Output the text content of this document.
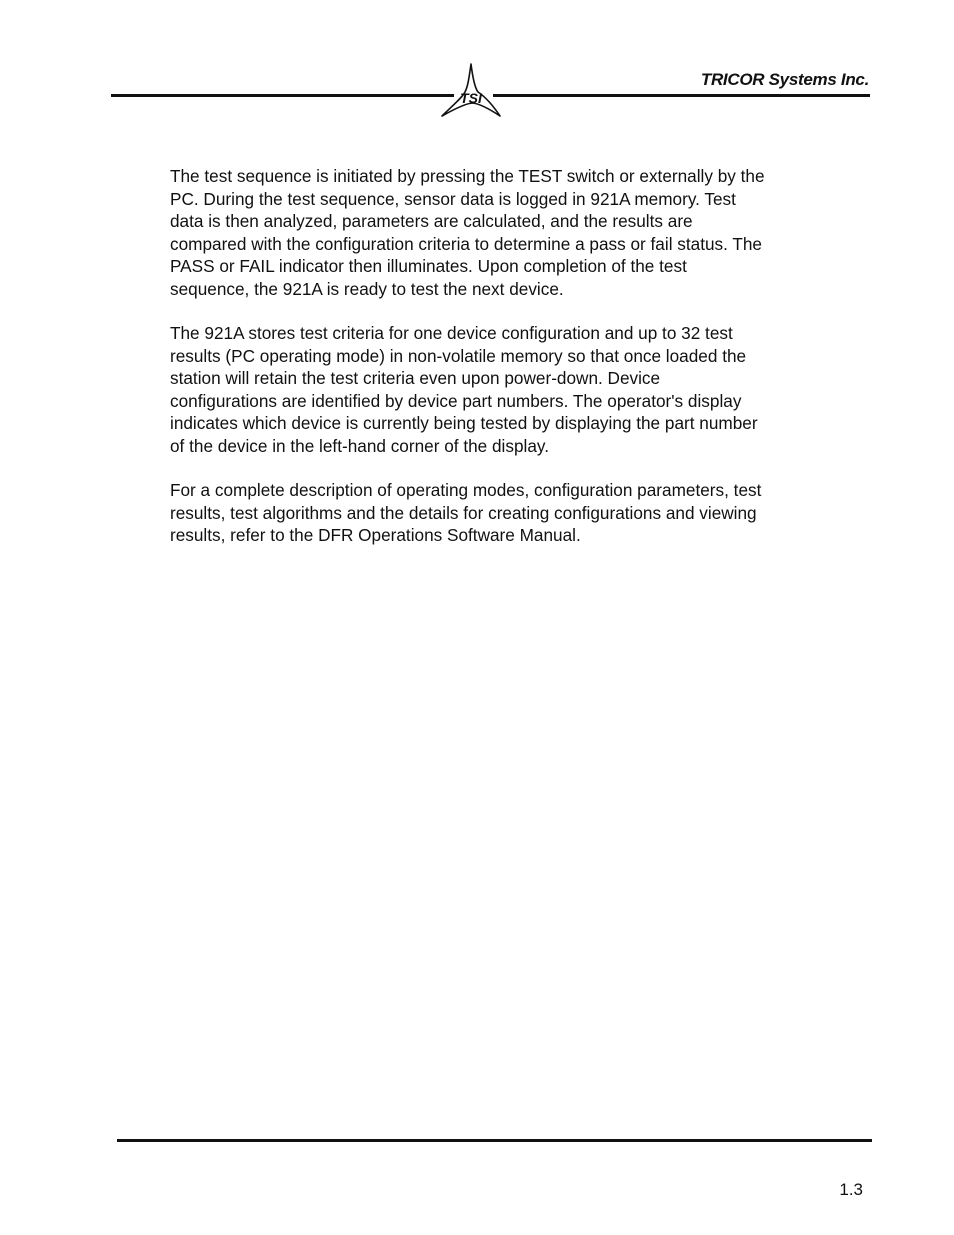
TSI
TRICOR Systems Inc.

The test sequence is initiated by pressing the TEST switch or externally by the
PC. During the test sequence, sensor data is logged in 921A memory. Test
data is then analyzed, parameters are calculated, and the results are
compared with the configuration criteria to determine a pass or fail status. The
PASS or FAIL indicator then illuminates. Upon completion of the test
sequence, the 921A is ready to test the next device.

The 921A stores test criteria for one device configuration and up to 32 test
results (PC operating mode) in non-volatile memory so that once loaded the
station will retain the test criteria even upon power-down. Device
configurations are identified by device part numbers. The operator's display
indicates which device is currently being tested by displaying the part number
of the device in the left-hand corner of the display.

For a complete description of operating modes, configuration parameters, test
results, test algorithms and the details for creating configurations and viewing
results, refer to the DFR Operations Software Manual.

1.3
